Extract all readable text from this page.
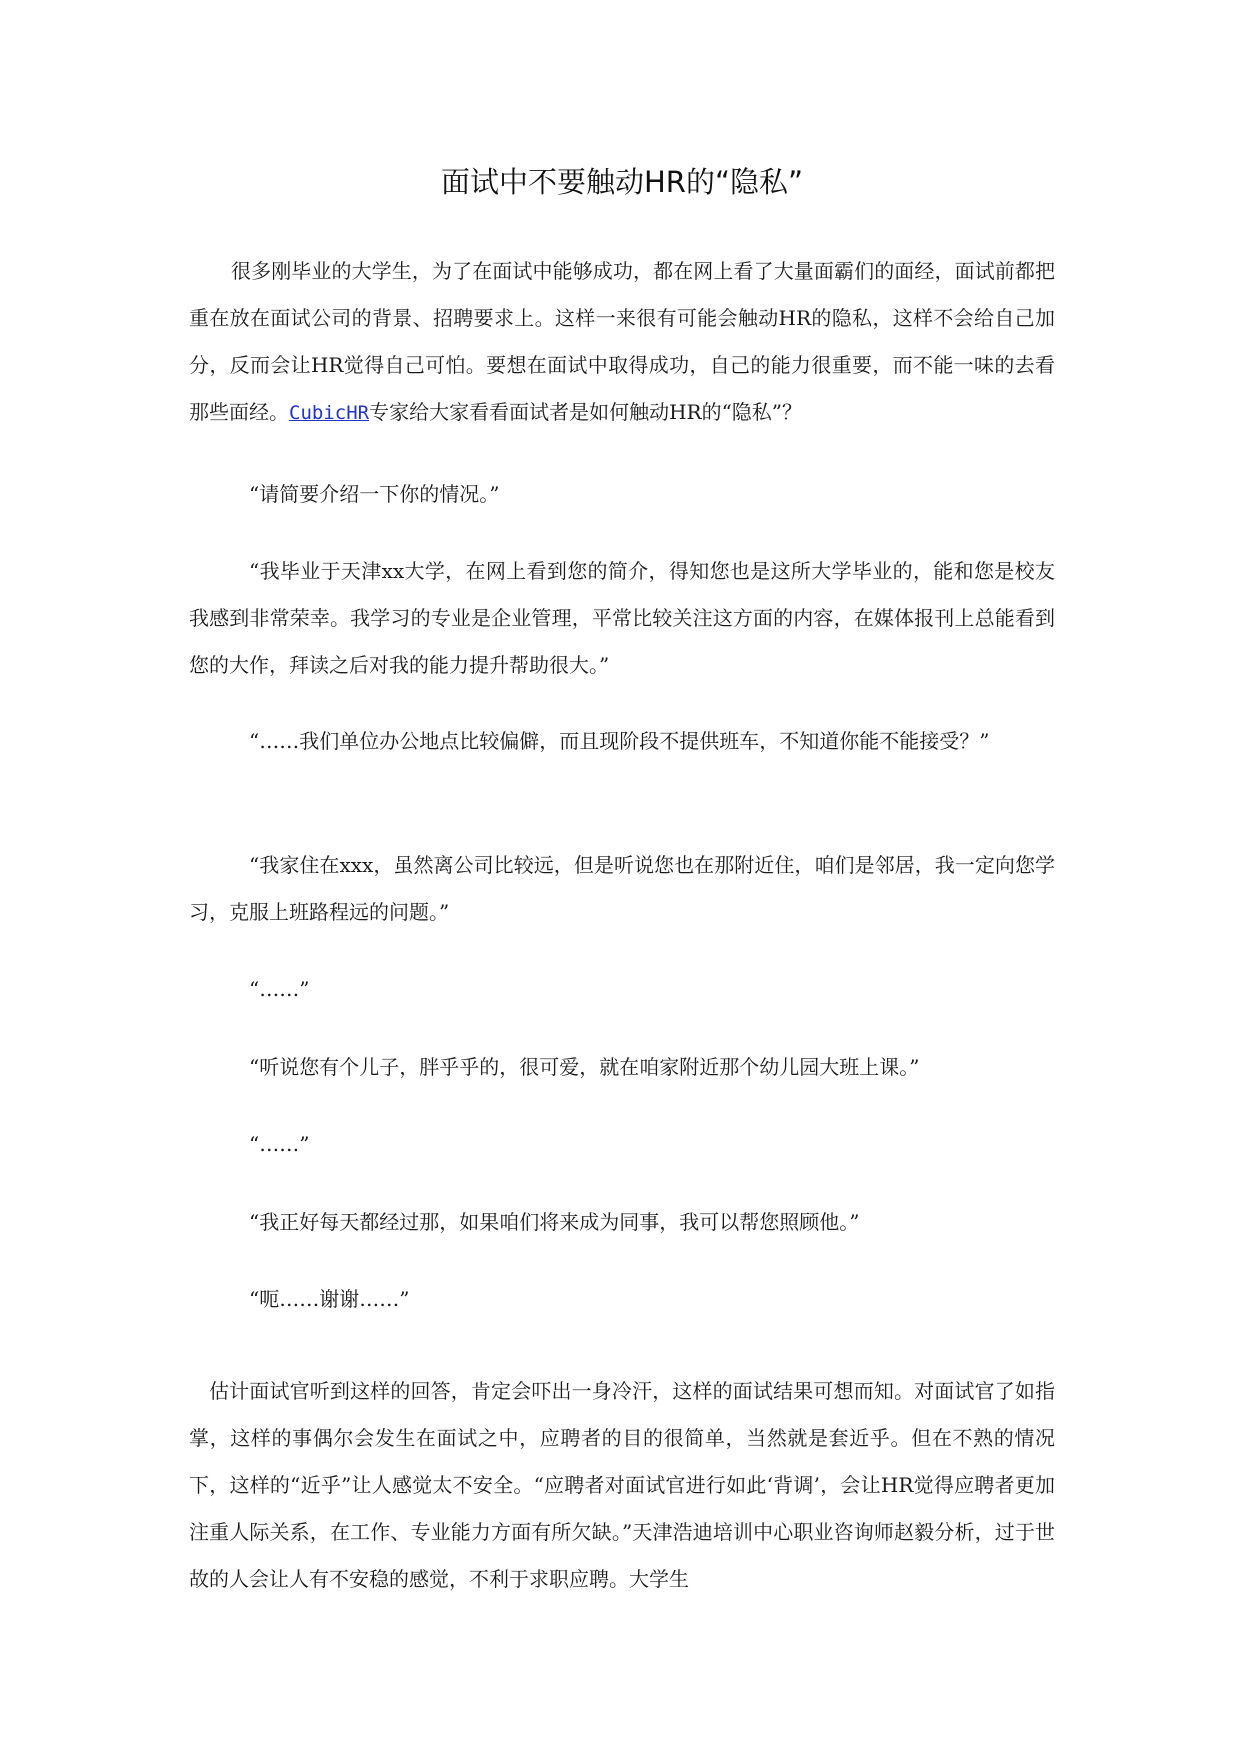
面试中不要触动HR的“隐私”

很多刚毕业的大学生，为了在面试中能够成功，都在网上看了大量面霸们的面经，面试前都把重在放在面试公司的背景、招聘要求上。这样一来很有可能会触动HR的隐私，这样不会给自己加分，反而会让HR觉得自己可怕。要想在面试中取得成功，自己的能力很重要，而不能一味的去看那些面经。CubicHR专家给大家看看面试者是如何触动HR的“隐私”？

“请简要介绍一下你的情况。”

“我毕业于天津xx大学，在网上看到您的简介，得知您也是这所大学毕业的，能和您是校友我感到非常荣幸。我学习的专业是企业管理，平常比较关注这方面的内容，在媒体报刊上总能看到您的大作，拜读之后对我的能力提升帮助很大。”

“……我们单位办公地点比较偏僻，而且现阶段不提供班车，不知道你能不能接受？”

“我家住在xxx，虽然离公司比较远，但是听说您也在那附近住，咱们是邻居，我一定向您学习，克服上班路程远的问题。”

“……”

“听说您有个儿子，胖乎乎的，很可爱，就在咱家附近那个幼儿园大班上课。”

“……”

“我正好每天都经过那，如果咱们将来成为同事，我可以帮您照顾他。”

“呃……谢谢……”

估计面试官听到这样的回答，肯定会吓出一身冷汗，这样的面试结果可想而知。对面试官了如指掌，这样的事偶尔会发生在面试之中，应聘者的目的很简单，当然就是套近乎。但在不熟的情况下，这样的“近乎”让人感觉太不安全。“应聘者对面试官进行如此‘背调’，会让HR觉得应聘者更加注重人际关系，在工作、专业能力方面有所欠缺。”天津浩迪培训中心职业咨询师赵毅分析，过于世故的人会让人有不安稳的感觉，不利于求职应聘。大学生
